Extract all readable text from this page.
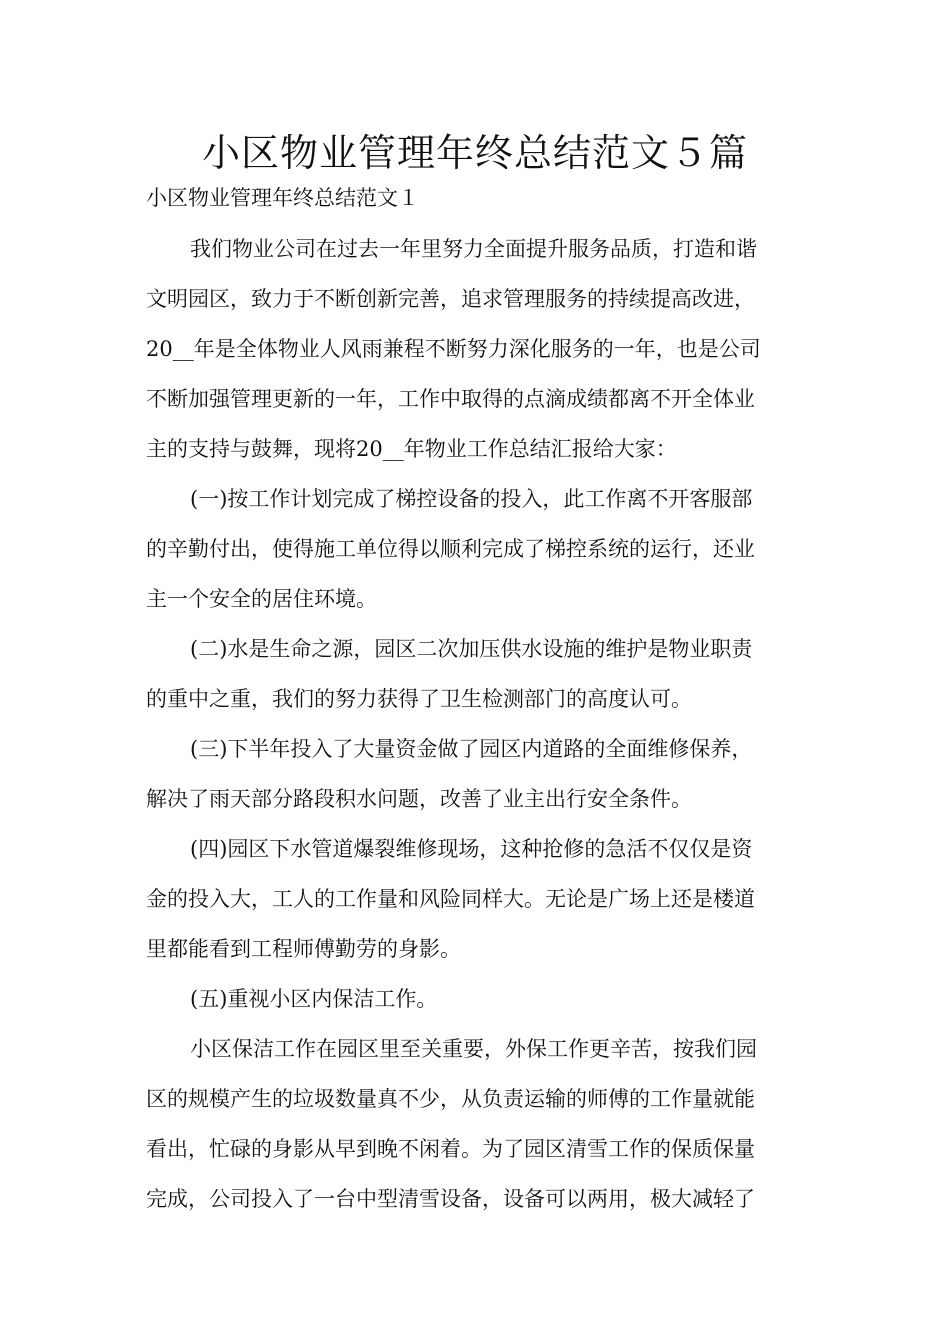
小区物业管理年终总结范文５篇
小区物业管理年终总结范文１
我们物业公司在过去一年里努力全面提升服务品质，打造和谐
文明园区，致力于不断创新完善，追求管理服务的持续提高改进，
20__年是全体物业人风雨兼程不断努力深化服务的一年，也是公司
不断加强管理更新的一年，工作中取得的点滴成绩都离不开全体业
主的支持与鼓舞，现将20__年物业工作总结汇报给大家：
(一)按工作计划完成了梯控设备的投入，此工作离不开客服部
的辛勤付出，使得施工单位得以顺利完成了梯控系统的运行，还业
主一个安全的居住环境。
(二)水是生命之源，园区二次加压供水设施的维护是物业职责
的重中之重，我们的努力获得了卫生检测部门的高度认可。
(三)下半年投入了大量资金做了园区内道路的全面维修保养，
解决了雨天部分路段积水问题，改善了业主出行安全条件。
(四)园区下水管道爆裂维修现场，这种抢修的急活不仅仅是资
金的投入大，工人的工作量和风险同样大。无论是广场上还是楼道
里都能看到工程师傅勤劳的身影。
(五)重视小区内保洁工作。
小区保洁工作在园区里至关重要，外保工作更辛苦，按我们园
区的规模产生的垃圾数量真不少，从负责运输的师傅的工作量就能
看出，忙碌的身影从早到晚不闲着。为了园区清雪工作的保质保量
完成，公司投入了一台中型清雪设备，设备可以两用，极大减轻了
